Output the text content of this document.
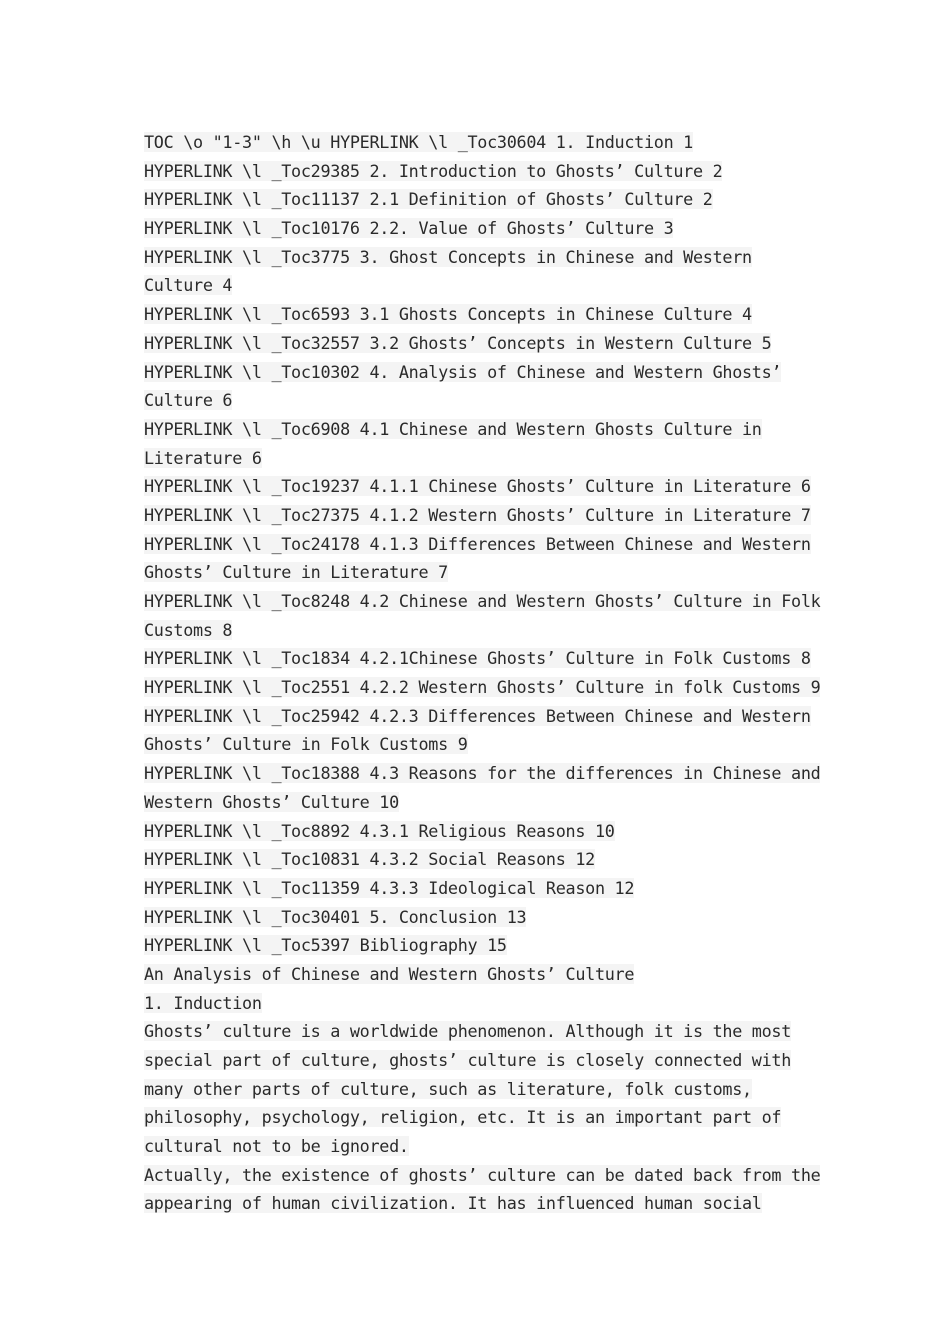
TOC \o "1-3" \h \u HYPERLINK \l _Toc30604 1. Induction 1
HYPERLINK \l _Toc29385 2. Introduction to Ghosts’ Culture 2
HYPERLINK \l _Toc11137 2.1 Definition of Ghosts’ Culture 2
HYPERLINK \l _Toc10176 2.2. Value of Ghosts’ Culture 3
HYPERLINK \l _Toc3775 3. Ghost Concepts in Chinese and Western
Culture 4
HYPERLINK \l _Toc6593 3.1 Ghosts Concepts in Chinese Culture 4
HYPERLINK \l _Toc32557 3.2 Ghosts’ Concepts in Western Culture 5
HYPERLINK \l _Toc10302 4. Analysis of Chinese and Western Ghosts’
Culture 6
HYPERLINK \l _Toc6908 4.1 Chinese and Western Ghosts Culture in
Literature 6
HYPERLINK \l _Toc19237 4.1.1 Chinese Ghosts’ Culture in Literature 6
HYPERLINK \l _Toc27375 4.1.2 Western Ghosts’ Culture in Literature 7
HYPERLINK \l _Toc24178 4.1.3 Differences Between Chinese and Western
Ghosts’ Culture in Literature 7
HYPERLINK \l _Toc8248 4.2 Chinese and Western Ghosts’ Culture in Folk
Customs 8
HYPERLINK \l _Toc1834 4.2.1Chinese Ghosts’ Culture in Folk Customs 8
HYPERLINK \l _Toc2551 4.2.2 Western Ghosts’ Culture in folk Customs 9
HYPERLINK \l _Toc25942 4.2.3 Differences Between Chinese and Western
Ghosts’ Culture in Folk Customs 9
HYPERLINK \l _Toc18388 4.3 Reasons for the differences in Chinese and
Western Ghosts’ Culture 10
HYPERLINK \l _Toc8892 4.3.1 Religious Reasons 10
HYPERLINK \l _Toc10831 4.3.2 Social Reasons 12
HYPERLINK \l _Toc11359 4.3.3 Ideological Reason 12
HYPERLINK \l _Toc30401 5. Conclusion 13
HYPERLINK \l _Toc5397 Bibliography 15
An Analysis of Chinese and Western Ghosts’ Culture
1. Induction
Ghosts’ culture is a worldwide phenomenon. Although it is the most
special part of culture, ghosts’ culture is closely connected with
many other parts of culture, such as literature, folk customs,
philosophy, psychology, religion, etc. It is an important part of
cultural not to be ignored.
Actually, the existence of ghosts’ culture can be dated back from the
appearing of human civilization. It has influenced human social
